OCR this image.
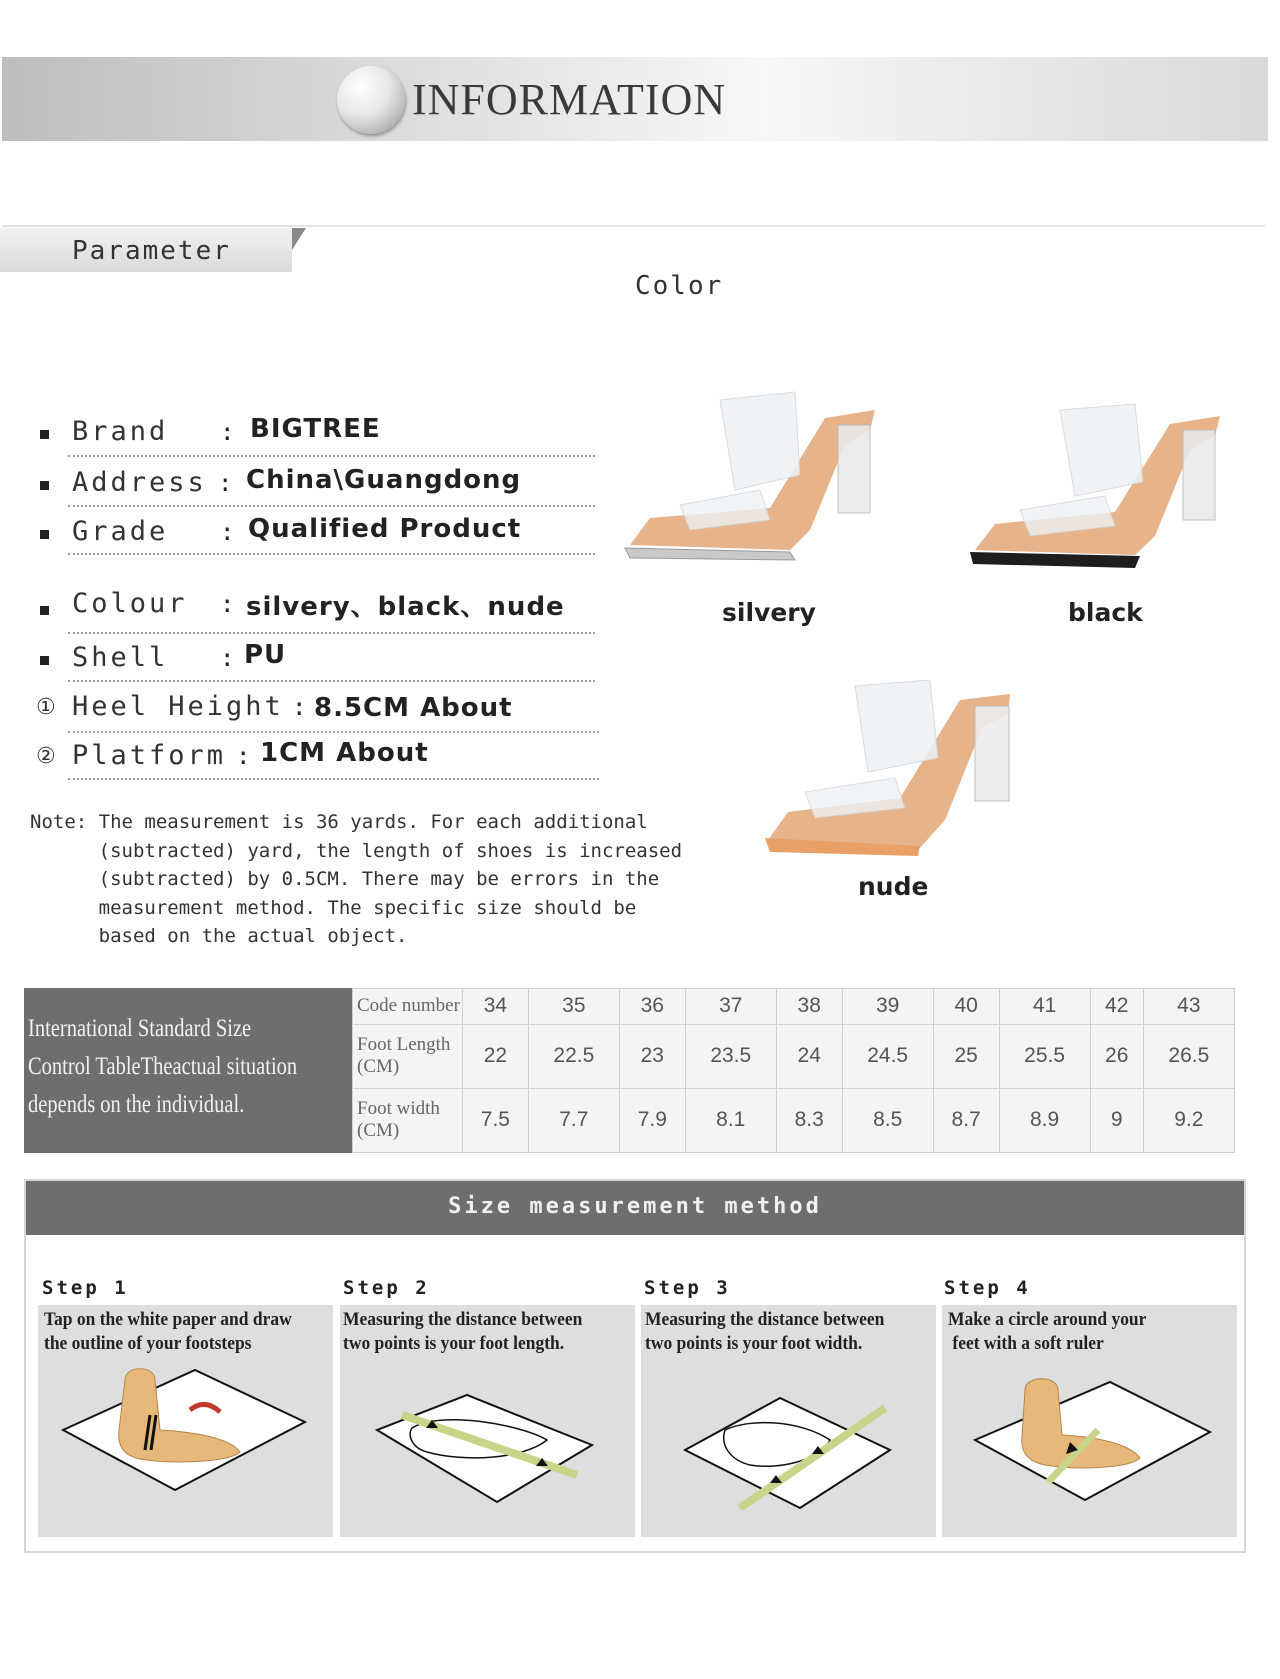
INFORMATION
Parameter
Color
Brand : BIGTREE
Address : China\Guangdong
Grade : Qualified Product
Colour : silvery、black、nude
Shell : PU
① Heel Height : 8.5CM About
② Platform : 1CM About
Note: The measurement is 36 yards. For each additional
(subtracted) yard, the length of shoes is increased
(subtracted) by 0.5CM. There may be errors in the
measurement method. The specific size should be
based on the actual object.
silvery	black
nude
International Standard Size
Control TableTheactual situation
depends on the individual.
Code number	34	35	36	37	38	39	40	41	42	43
Foot Length (CM)	22	22.5	23	23.5	24	24.5	25	25.5	26	26.5
Foot width (CM)	7.5	7.7	7.9	8.1	8.3	8.5	8.7	8.9	9	9.2
Size measurement method
Step 1
Tap on the white paper and draw
the outline of your footsteps
Step 2
Measuring the distance between
two points is your foot length.
Step 3
Measuring the distance between
two points is your foot width.
Step 4
Make a circle around your
feet with a soft ruler
